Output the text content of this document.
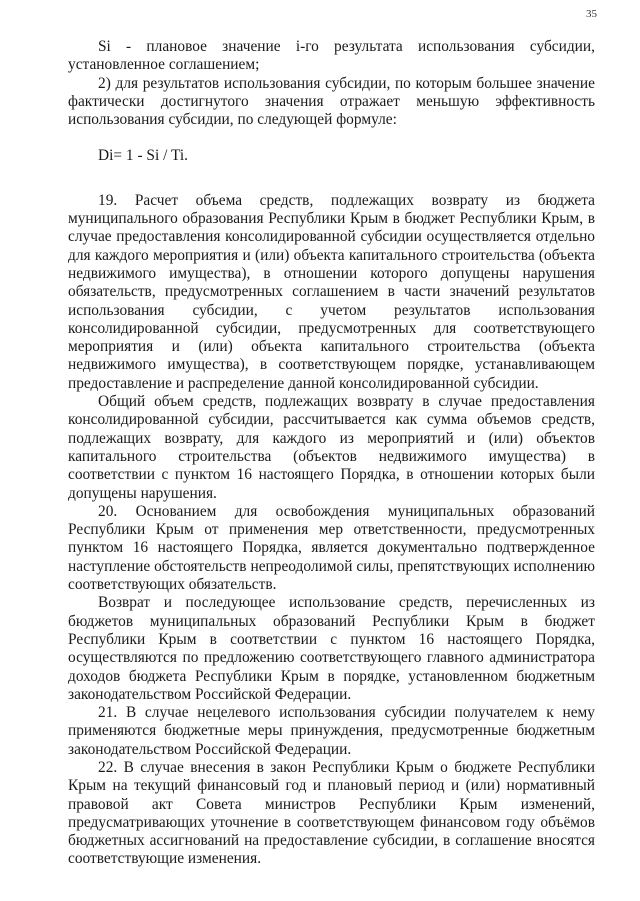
35

Si - плановое значение i-го результата использования субсидии, установленное соглашением;

2) для результатов использования субсидии, по которым большее значение фактически достигнутого значения отражает меньшую эффективность использования субсидии, по следующей формуле:

Di= 1 - Si / Ti.

19. Расчет объема средств, подлежащих возврату из бюджета муниципального образования Республики Крым в бюджет Республики Крым, в случае предоставления консолидированной субсидии осуществляется отдельно для каждого мероприятия и (или) объекта капитального строительства (объекта недвижимого имущества), в отношении которого допущены нарушения обязательств, предусмотренных соглашением в части значений результатов использования субсидии, с учетом результатов использования консолидированной субсидии, предусмотренных для соответствующего мероприятия и (или) объекта капитального строительства (объекта недвижимого имущества), в соответствующем порядке, устанавливающем предоставление и распределение данной консолидированной субсидии.

Общий объем средств, подлежащих возврату в случае предоставления консолидированной субсидии, рассчитывается как сумма объемов средств, подлежащих возврату, для каждого из мероприятий и (или) объектов капитального строительства (объектов недвижимого имущества) в соответствии с пунктом 16 настоящего Порядка, в отношении которых были допущены нарушения.

20. Основанием для освобождения муниципальных образований Республики Крым от применения мер ответственности, предусмотренных пунктом 16 настоящего Порядка, является документально подтвержденное наступление обстоятельств непреодолимой силы, препятствующих исполнению соответствующих обязательств.

Возврат и последующее использование средств, перечисленных из бюджетов муниципальных образований Республики Крым в бюджет Республики Крым в соответствии с пунктом 16 настоящего Порядка, осуществляются по предложению соответствующего главного администратора доходов бюджета Республики Крым в порядке, установленном бюджетным законодательством Российской Федерации.

21. В случае нецелевого использования субсидии получателем к нему применяются бюджетные меры принуждения, предусмотренные бюджетным законодательством Российской Федерации.

22. В случае внесения в закон Республики Крым о бюджете Республики Крым на текущий финансовый год и плановый период и (или) нормативный правовой акт Совета министров Республики Крым изменений, предусматривающих уточнение в соответствующем финансовом году объёмов бюджетных ассигнований на предоставление субсидии, в соглашение вносятся соответствующие изменения.
